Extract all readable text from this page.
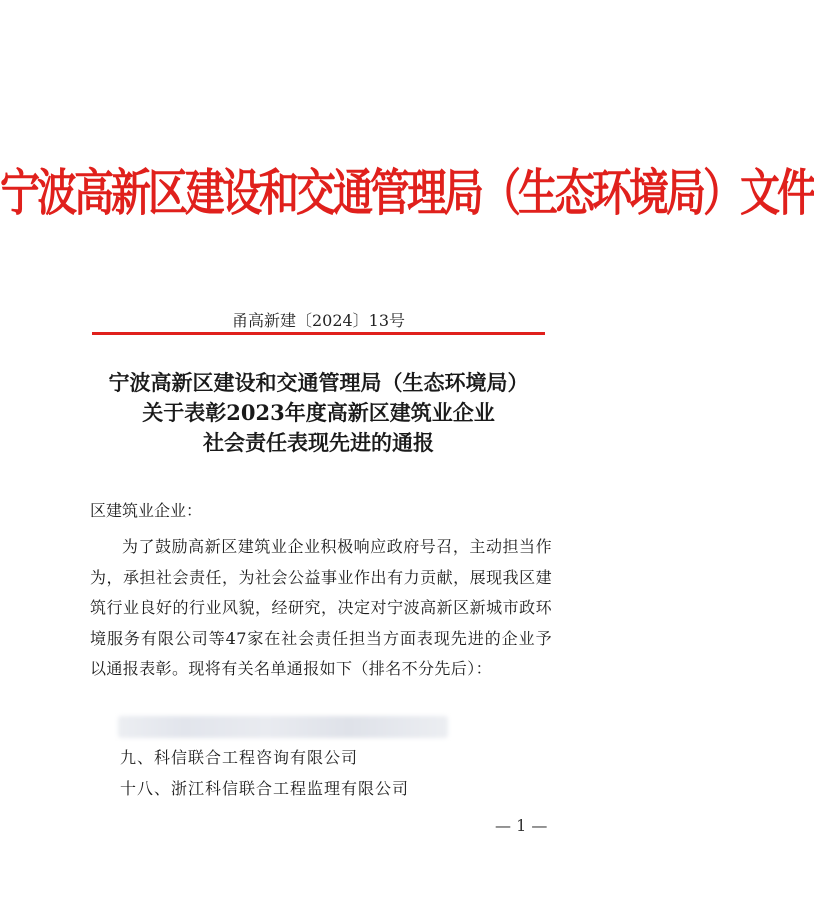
宁波高新区建设和交通管理局（生态环境局）文件
甬高新建〔2024〕13号
宁波高新区建设和交通管理局（生态环境局）
关于表彰2023年度高新区建筑业企业
社会责任表现先进的通报
区建筑业企业：
为了鼓励高新区建筑业企业积极响应政府号召，主动担当作为，承担社会责任，为社会公益事业作出有力贡献，展现我区建筑行业良好的行业风貌，经研究，决定对宁波高新区新城市政环境服务有限公司等47家在社会责任担当方面表现先进的企业予以通报表彰。现将有关名单通报如下（排名不分先后）：
九、科信联合工程咨询有限公司
十八、浙江科信联合工程监理有限公司
— 1 —
